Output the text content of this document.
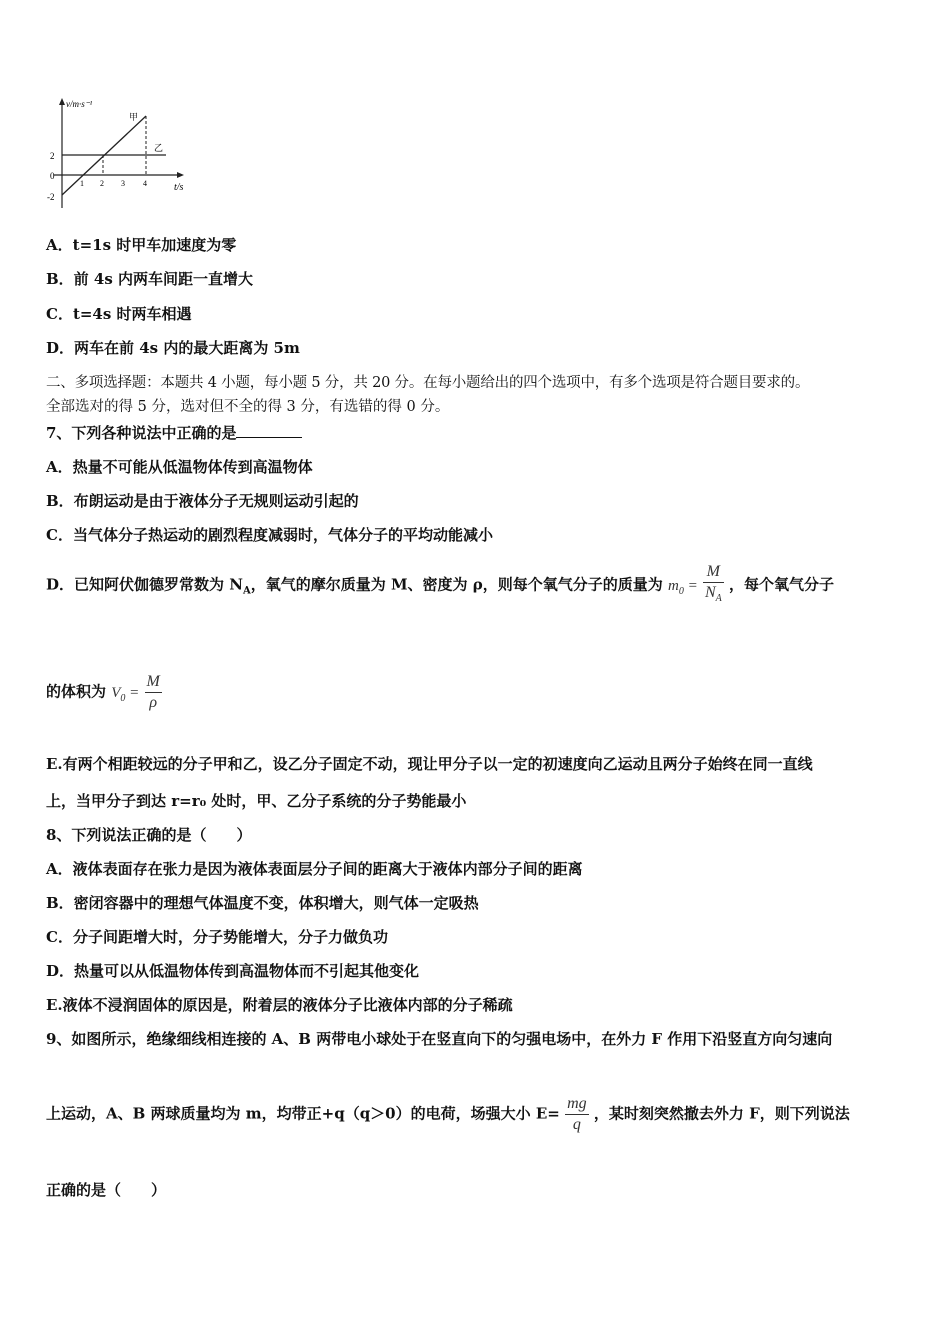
v/m·s⁻¹
t/s
2
0
-2
1 2 3 4
甲
乙
A．t=1s 时甲车加速度为零
B．前 4s 内两车间距一直增大
C．t=4s 时两车相遇
D．两车在前 4s 内的最大距离为 5m
二、多项选择题：本题共 4 小题，每小题 5 分，共 20 分。在每小题给出的四个选项中，有多个选项是符合题目要求的。
全部选对的得 5 分，选对但不全的得 3 分，有选错的得 0 分。
7、下列各种说法中正确的是
A．热量不可能从低温物体传到高温物体
B．布朗运动是由于液体分子无规则运动引起的
C．当气体分子热运动的剧烈程度减弱时，气体分子的平均动能减小
D．已知阿伏伽德罗常数为 $N_A$，氧气的摩尔质量为 M、密度为 ρ，则每个氧气分子的质量为 $m_0 = \frac{M}{N_A}$ ，每个氧气分子
的体积为 $V_0 = \frac{M}{\rho}$
E.有两个相距较远的分子甲和乙，设乙分子固定不动，现让甲分子以一定的初速度向乙运动且两分子始终在同一直线
上，当甲分子到达 r=r₀ 处时，甲、乙分子系统的分子势能最小
8、下列说法正确的是（　　）
A．液体表面存在张力是因为液体表面层分子间的距离大于液体内部分子间的距离
B．密闭容器中的理想气体温度不变，体积增大，则气体一定吸热
C．分子间距增大时，分子势能增大，分子力做负功
D．热量可以从低温物体传到高温物体而不引起其他变化
E.液体不浸润固体的原因是，附着层的液体分子比液体内部的分子稀疏
9、如图所示，绝缘细线相连接的 A、B 两带电小球处于在竖直向下的匀强电场中，在外力 F 作用下沿竖直方向匀速向
上运动，A、B 两球质量均为 m，均带正+q（q＞0）的电荷，场强大小 $E= \frac{mg}{q}$ ，某时刻突然撤去外力 F，则下列说法
正确的是（　　）
